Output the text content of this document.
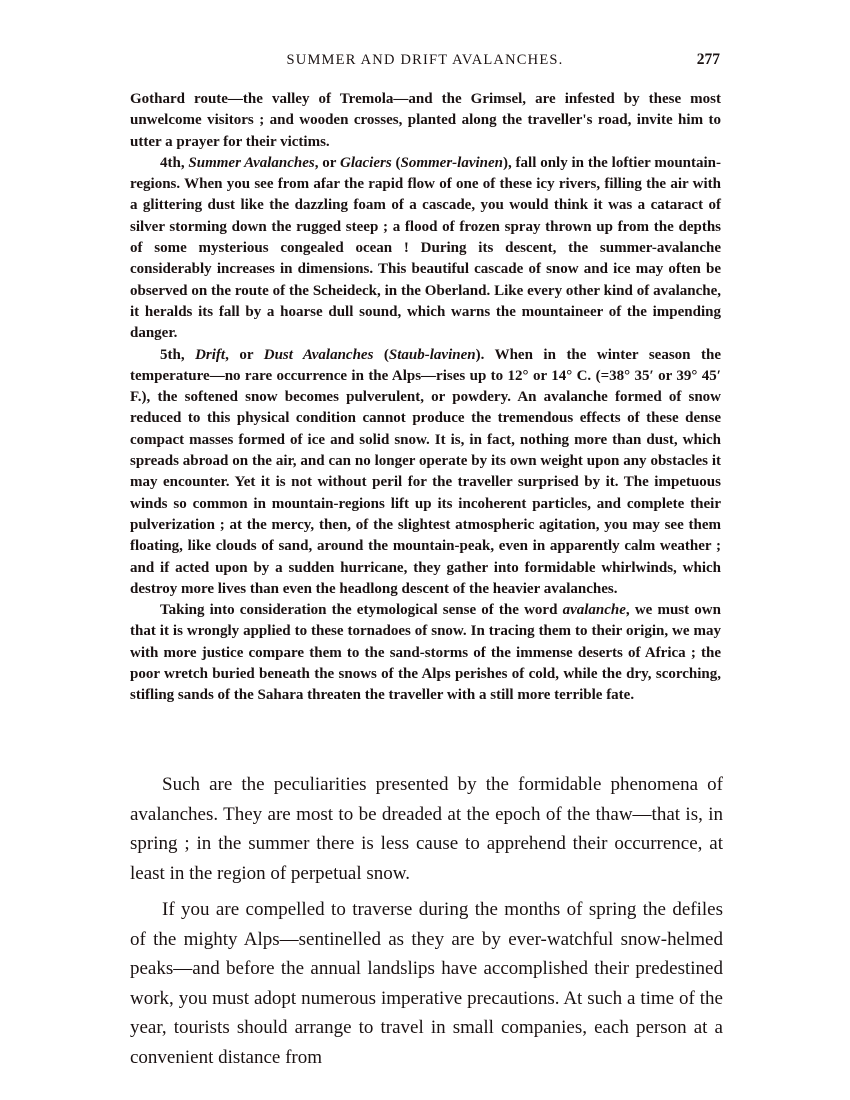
SUMMER AND DRIFT AVALANCHES.	277

Gothard route—the valley of Tremola—and the Grimsel, are infested by these most unwelcome visitors ; and wooden crosses, planted along the traveller's road, invite him to utter a prayer for their victims.

4th, Summer Avalanches, or Glaciers (Sommer-lavinen), fall only in the loftier mountain-regions. When you see from afar the rapid flow of one of these icy rivers, filling the air with a glittering dust like the dazzling foam of a cascade, you would think it was a cataract of silver storming down the rugged steep ; a flood of frozen spray thrown up from the depths of some mysterious congealed ocean ! During its descent, the summer-avalanche considerably increases in dimensions. This beautiful cascade of snow and ice may often be observed on the route of the Scheideck, in the Oberland. Like every other kind of avalanche, it heralds its fall by a hoarse dull sound, which warns the mountaineer of the impending danger.

5th, Drift, or Dust Avalanches (Staub-lavinen). When in the winter season the temperature—no rare occurrence in the Alps—rises up to 12° or 14° C. (=38° 35′ or 39° 45′ F.), the softened snow becomes pulverulent, or powdery. An avalanche formed of snow reduced to this physical condition cannot produce the tremendous effects of these dense compact masses formed of ice and solid snow. It is, in fact, nothing more than dust, which spreads abroad on the air, and can no longer operate by its own weight upon any obstacles it may encounter. Yet it is not without peril for the traveller surprised by it. The impetuous winds so common in mountain-regions lift up its incoherent particles, and complete their pulverization ; at the mercy, then, of the slightest atmospheric agitation, you may see them floating, like clouds of sand, around the mountain-peak, even in apparently calm weather ; and if acted upon by a sudden hurricane, they gather into formidable whirlwinds, which destroy more lives than even the headlong descent of the heavier avalanches.

Taking into consideration the etymological sense of the word avalanche, we must own that it is wrongly applied to these tornadoes of snow. In tracing them to their origin, we may with more justice compare them to the sand-storms of the immense deserts of Africa ; the poor wretch buried beneath the snows of the Alps perishes of cold, while the dry, scorching, stifling sands of the Sahara threaten the traveller with a still more terrible fate.

Such are the peculiarities presented by the formidable phenomena of avalanches. They are most to be dreaded at the epoch of the thaw—that is, in spring ; in the summer there is less cause to apprehend their occurrence, at least in the region of perpetual snow.

If you are compelled to traverse during the months of spring the defiles of the mighty Alps—sentinelled as they are by ever-watchful snow-helmed peaks—and before the annual landslips have accomplished their predestined work, you must adopt numerous imperative precautions. At such a time of the year, tourists should arrange to travel in small companies, each person at a convenient distance from
